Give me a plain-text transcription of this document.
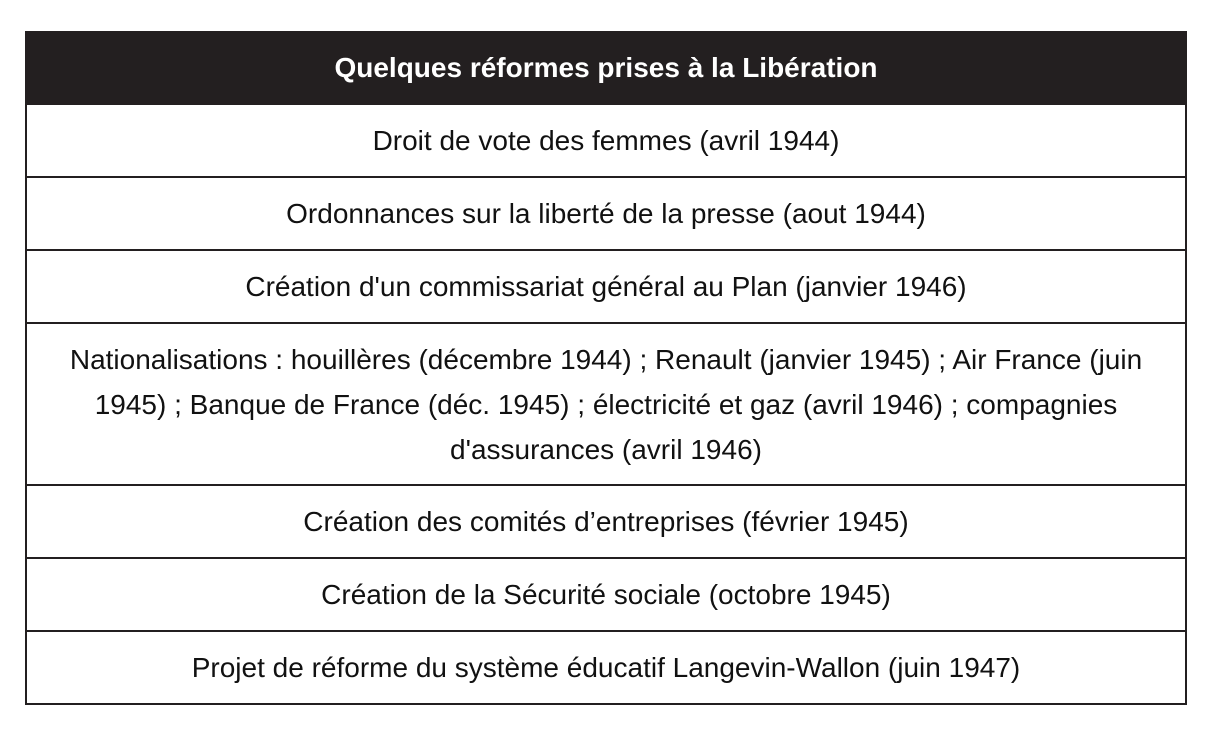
Quelques réformes prises à la Libération
Droit de vote des femmes (avril 1944)
Ordonnances sur la liberté de la presse (aout 1944)
Création d'un commissariat général au Plan (janvier 1946)
Nationalisations : houillères (décembre 1944) ; Renault (janvier 1945) ; Air France (juin 1945) ; Banque de France (déc. 1945) ; électricité et gaz (avril 1946) ; compagnies d'assurances (avril 1946)
Création des comités d’entreprises (février 1945)
Création de la Sécurité sociale (octobre 1945)
Projet de réforme du système éducatif Langevin-Wallon (juin 1947)
